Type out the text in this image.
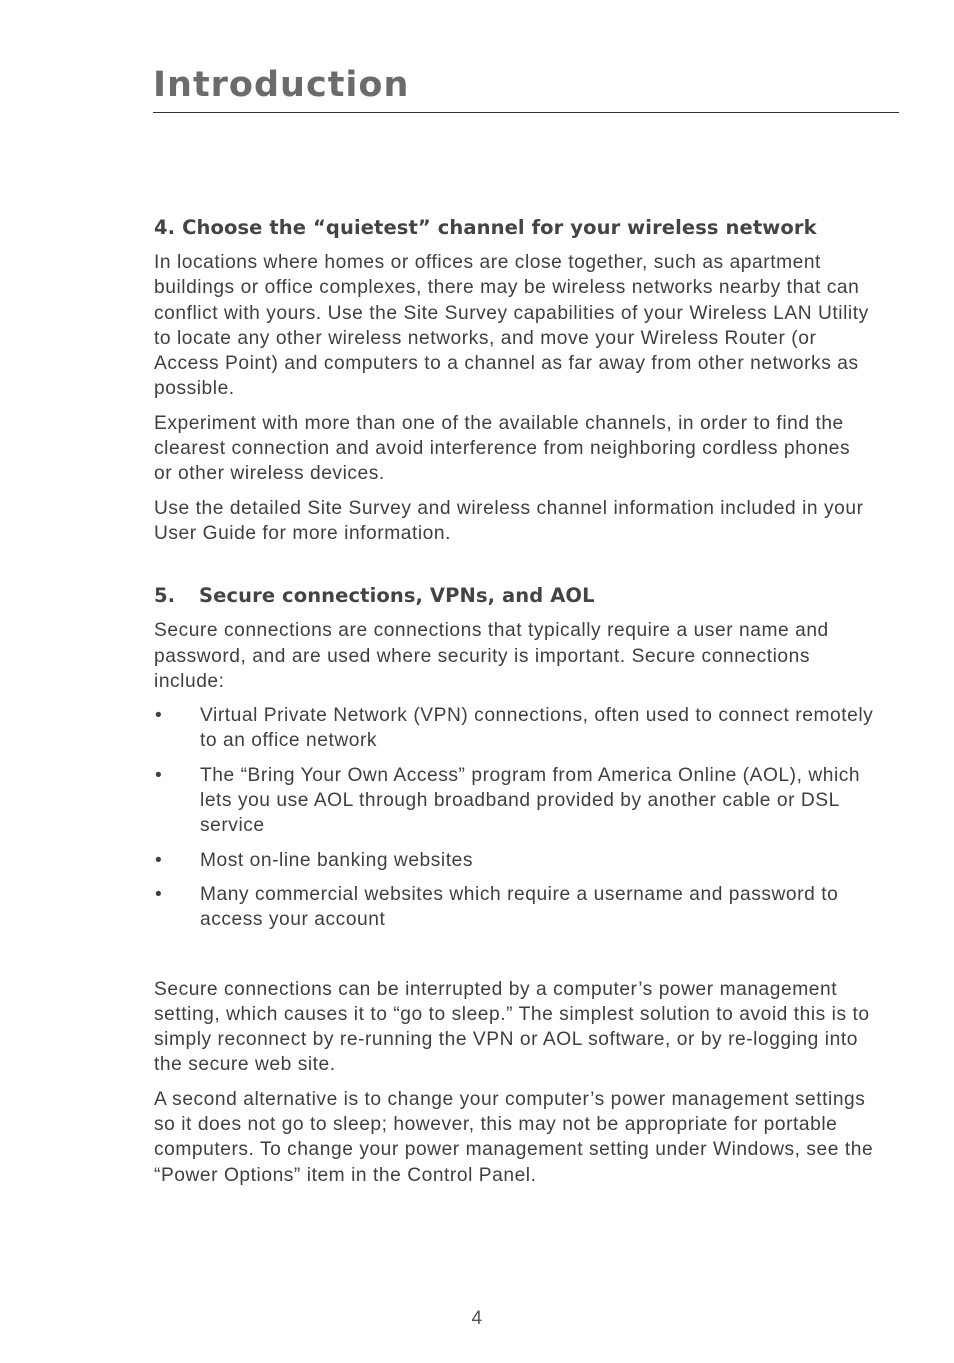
Introduction
4. Choose the “quietest” channel for your wireless network

In locations where homes or offices are close together, such as apartment buildings or office complexes, there may be wireless networks nearby that can conflict with yours. Use the Site Survey capabilities of your Wireless LAN Utility to locate any other wireless networks, and move your Wireless Router (or Access Point) and computers to a channel as far away from other networks as possible.

Experiment with more than one of the available channels, in order to find the clearest connection and avoid interference from neighboring cordless phones or other wireless devices.

Use the detailed Site Survey and wireless channel information included in your User Guide for more information.

5. Secure connections, VPNs, and AOL

Secure connections are connections that typically require a user name and password, and are used where security is important. Secure connections include:

•	Virtual Private Network (VPN) connections, often used to connect remotely to an office network
•	The “Bring Your Own Access” program from America Online (AOL), which lets you use AOL through broadband provided by another cable or DSL service
•	Most on-line banking websites
•	Many commercial websites which require a username and password to access your account

Secure connections can be interrupted by a computer’s power management setting, which causes it to “go to sleep.” The simplest solution to avoid this is to simply reconnect by re-running the VPN or AOL software, or by re-logging into the secure web site.

A second alternative is to change your computer’s power management settings so it does not go to sleep; however, this may not be appropriate for portable computers. To change your power management setting under Windows, see the “Power Options” item in the Control Panel.

4
